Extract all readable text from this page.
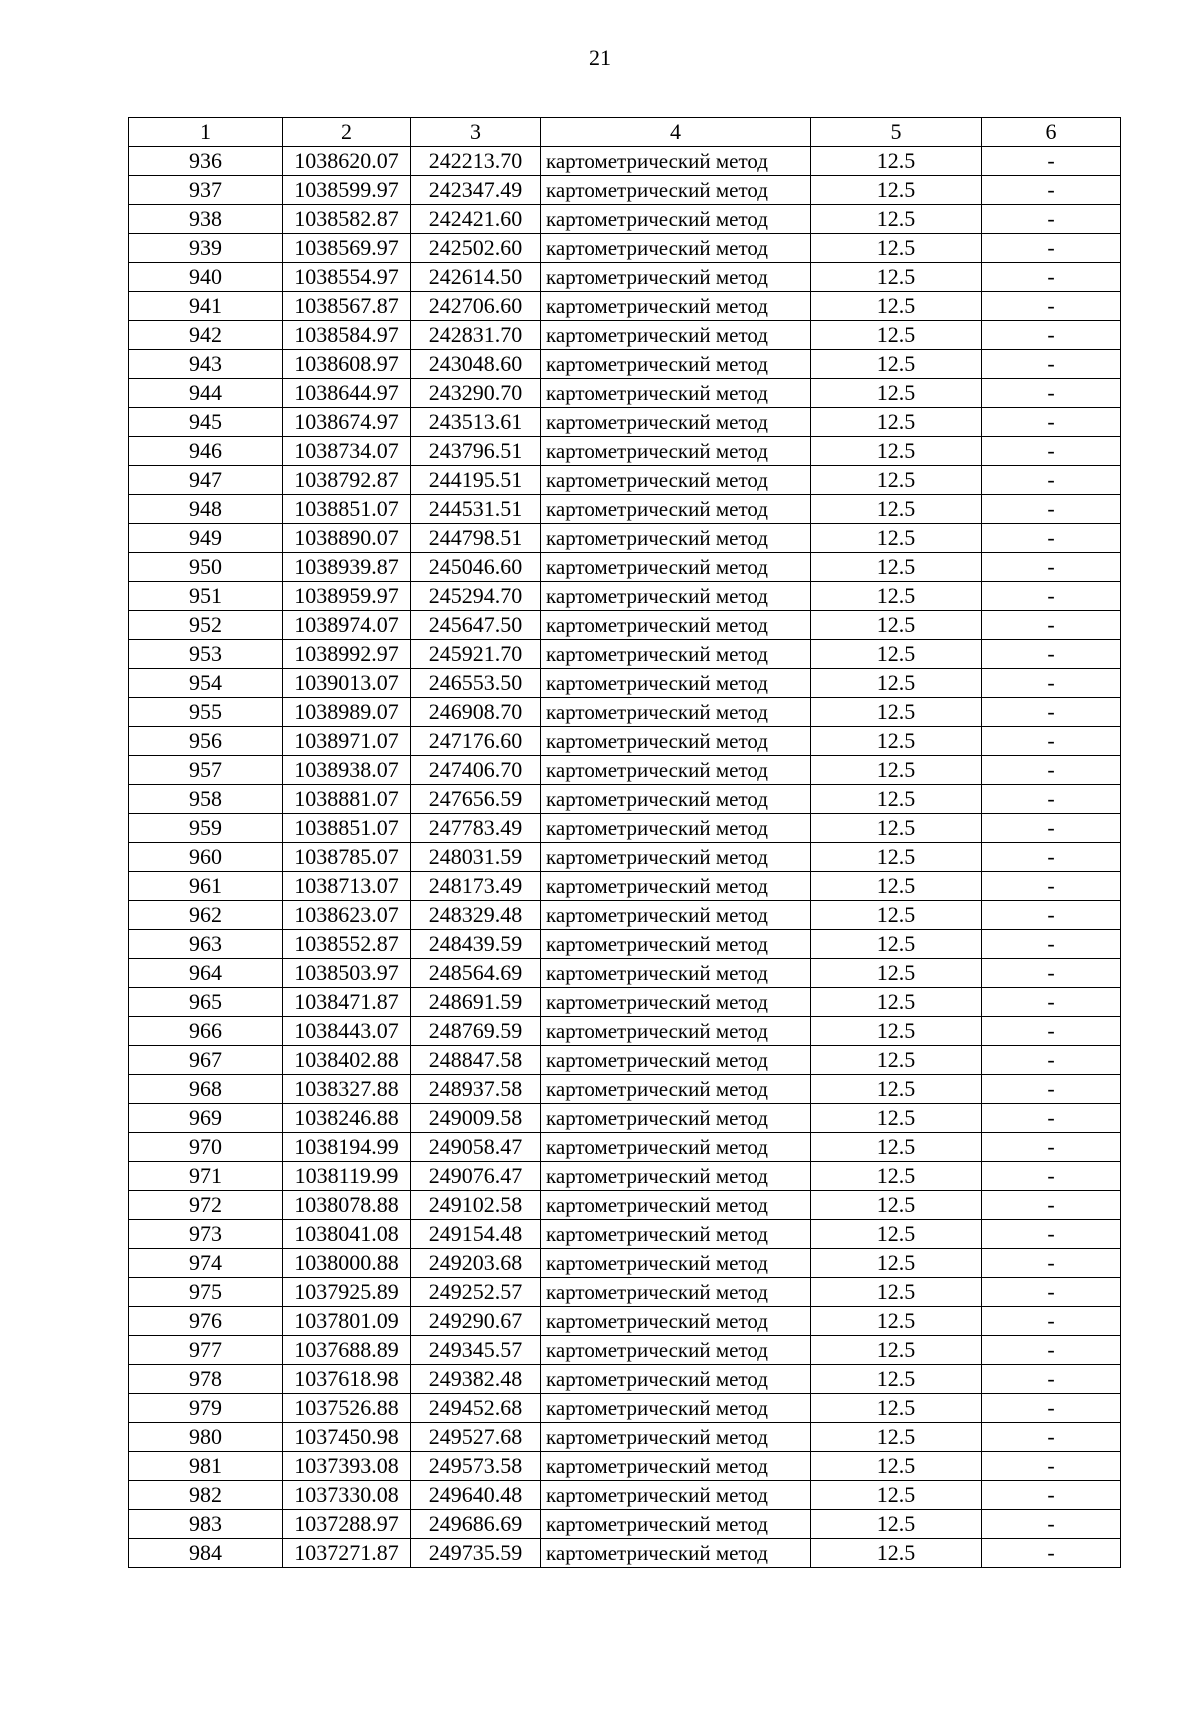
21
1	2	3	4	5	6
936	1038620.07	242213.70	картометрический метод	12.5	-
937	1038599.97	242347.49	картометрический метод	12.5	-
938	1038582.87	242421.60	картометрический метод	12.5	-
939	1038569.97	242502.60	картометрический метод	12.5	-
940	1038554.97	242614.50	картометрический метод	12.5	-
941	1038567.87	242706.60	картометрический метод	12.5	-
942	1038584.97	242831.70	картометрический метод	12.5	-
943	1038608.97	243048.60	картометрический метод	12.5	-
944	1038644.97	243290.70	картометрический метод	12.5	-
945	1038674.97	243513.61	картометрический метод	12.5	-
946	1038734.07	243796.51	картометрический метод	12.5	-
947	1038792.87	244195.51	картометрический метод	12.5	-
948	1038851.07	244531.51	картометрический метод	12.5	-
949	1038890.07	244798.51	картометрический метод	12.5	-
950	1038939.87	245046.60	картометрический метод	12.5	-
951	1038959.97	245294.70	картометрический метод	12.5	-
952	1038974.07	245647.50	картометрический метод	12.5	-
953	1038992.97	245921.70	картометрический метод	12.5	-
954	1039013.07	246553.50	картометрический метод	12.5	-
955	1038989.07	246908.70	картометрический метод	12.5	-
956	1038971.07	247176.60	картометрический метод	12.5	-
957	1038938.07	247406.70	картометрический метод	12.5	-
958	1038881.07	247656.59	картометрический метод	12.5	-
959	1038851.07	247783.49	картометрический метод	12.5	-
960	1038785.07	248031.59	картометрический метод	12.5	-
961	1038713.07	248173.49	картометрический метод	12.5	-
962	1038623.07	248329.48	картометрический метод	12.5	-
963	1038552.87	248439.59	картометрический метод	12.5	-
964	1038503.97	248564.69	картометрический метод	12.5	-
965	1038471.87	248691.59	картометрический метод	12.5	-
966	1038443.07	248769.59	картометрический метод	12.5	-
967	1038402.88	248847.58	картометрический метод	12.5	-
968	1038327.88	248937.58	картометрический метод	12.5	-
969	1038246.88	249009.58	картометрический метод	12.5	-
970	1038194.99	249058.47	картометрический метод	12.5	-
971	1038119.99	249076.47	картометрический метод	12.5	-
972	1038078.88	249102.58	картометрический метод	12.5	-
973	1038041.08	249154.48	картометрический метод	12.5	-
974	1038000.88	249203.68	картометрический метод	12.5	-
975	1037925.89	249252.57	картометрический метод	12.5	-
976	1037801.09	249290.67	картометрический метод	12.5	-
977	1037688.89	249345.57	картометрический метод	12.5	-
978	1037618.98	249382.48	картометрический метод	12.5	-
979	1037526.88	249452.68	картометрический метод	12.5	-
980	1037450.98	249527.68	картометрический метод	12.5	-
981	1037393.08	249573.58	картометрический метод	12.5	-
982	1037330.08	249640.48	картометрический метод	12.5	-
983	1037288.97	249686.69	картометрический метод	12.5	-
984	1037271.87	249735.59	картометрический метод	12.5	-
